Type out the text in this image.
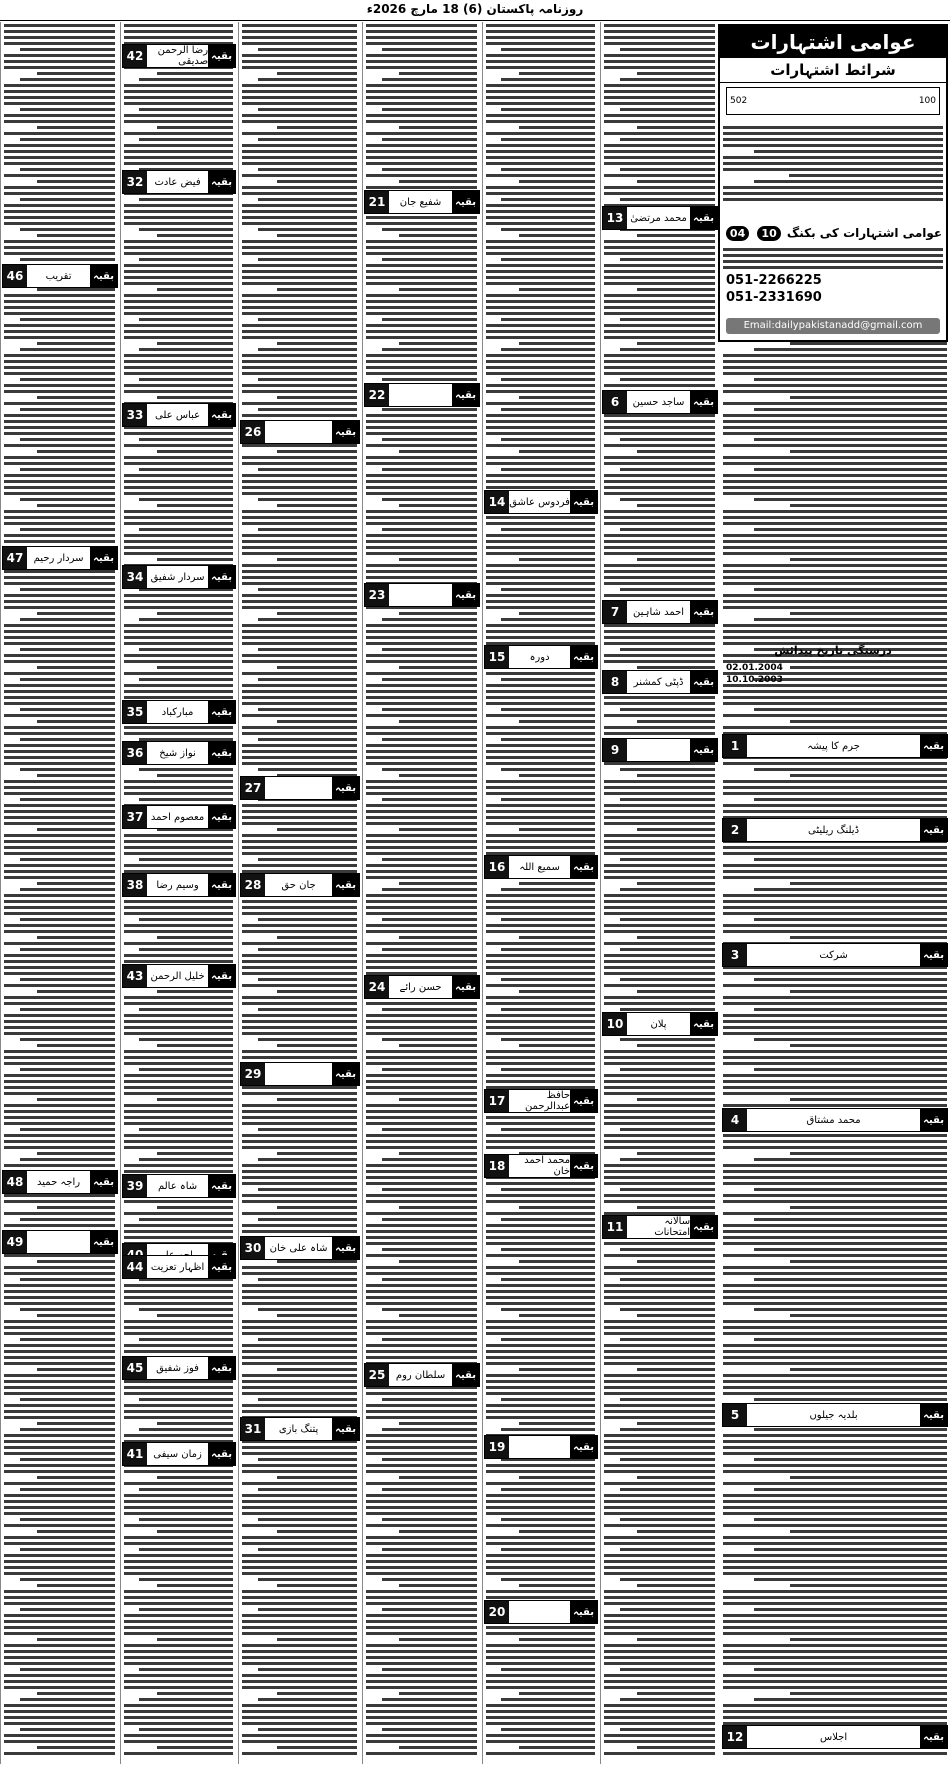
روزنامہ پاکستان (6) 18 مارچ 2026ء
عوامی اشتہارات
شرائط اشتہارات
100
502
عوامی اشتہارات کی بکنگ 10 04
051-2266225
051-2331690
Email:dailypakistanadd@gmail.com
درستگی تاریخ پیدائش
02.01.2004
10.10.2003
بقیہ
جرم کا پیشہ
1
بقیہ
ڈیلنگ ریلیٹی
2
بقیہ
شرکت
3
بقیہ
محمد مشتاق
4
بقیہ
بلدیہ جیلوں
5
بقیہ
ساجد حسین
6
بقیہ
احمد شاہین
7
بقیہ
ڈپٹی کمشنر
8
بقیہ
9
بقیہ
پلان
10
بقیہ
سالانہ امتحانات
11
بقیہ
اجلاس
12
بقیہ
محمد مرتضیٰ
13
بقیہ
فردوس عاشق
14
بقیہ
دورہ
15
بقیہ
سمیع اللہ
16
بقیہ
حافظ عبدالرحمن
17
بقیہ
محمد احمد خان
18
بقیہ
19
بقیہ
20
بقیہ
شفیع جان
21
بقیہ
22
بقیہ
23
بقیہ
حسن رائے
24
بقیہ
سلطان روم
25
بقیہ
26
بقیہ
27
بقیہ
جان حق
28
بقیہ
29
بقیہ
شاہ علی خان
30
بقیہ
پتنگ بازی
31
بقیہ
فیض عادت
32
بقیہ
عباس علی
33
بقیہ
سردار شفیق
34
بقیہ
مبارکباد
35
بقیہ
نواز شیخ
36
بقیہ
معصوم احمد
37
بقیہ
وسیم رضا
38
بقیہ
شاہ عالم
39
بقیہ
زمان سیفی
41
بقیہ
رضا الرحمن صدیقی
42
بقیہ
خلیل الرحمن
43
بقیہ
اظہار تعزیت
44
بقیہ
فوز شفیق
45
بقیہ
تقریب
46
بقیہ
سردار رحیم
47
بقیہ
راجہ حمید
48
بقیہ
49
